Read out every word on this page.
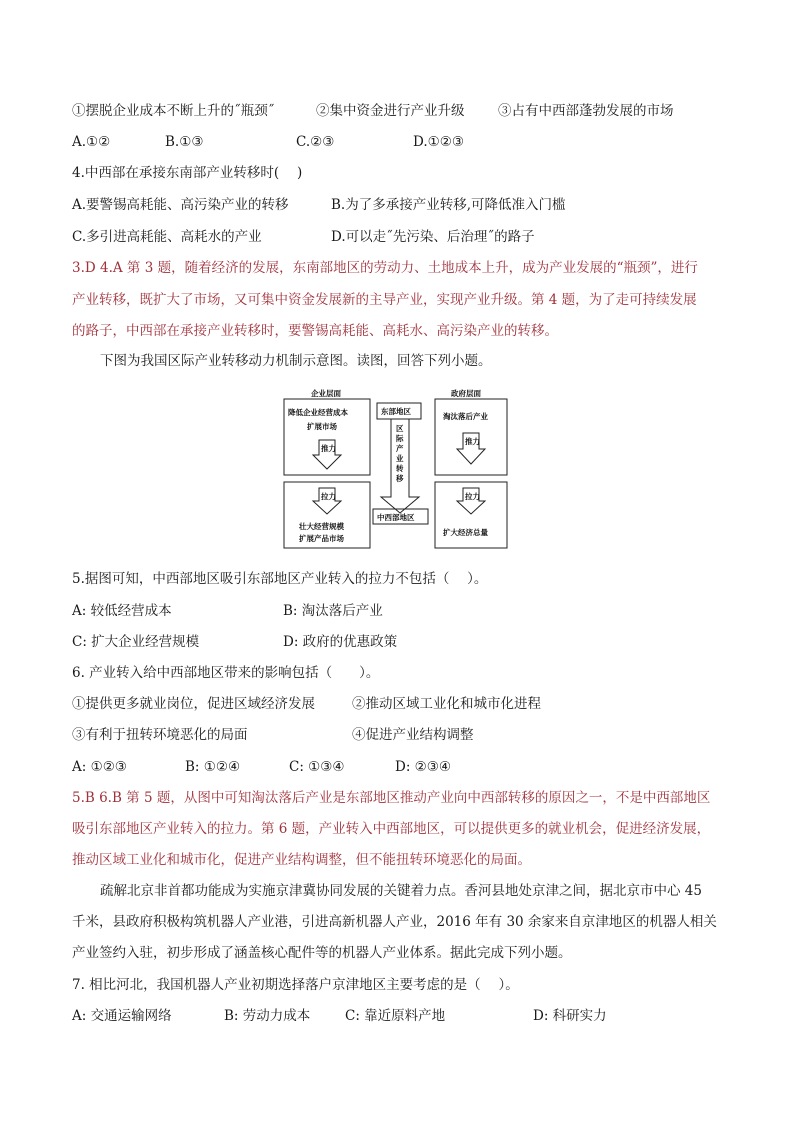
①摆脱企业成本不断上升的˝瓶颈˝	②集中资金进行产业升级 ③占有中西部蓬勃发展的市场
A.①②	B.①③	C.②③	D.①②③
4.中西部在承接东南部产业转移时(　 )
A.要警锡高耗能、高污染产业的转移	B.为了多承接产业转移,可降低准入门槛
C.多引进高耗能、高耗水的产业	D.可以走˝先污染、后治理˝的路子
3.D 4.A 第 3 题，随着经济的发展，东南部地区的劳动力、土地成本上升，成为产业发展的“瓶颈”，进行
产业转移，既扩大了市场，又可集中资金发展新的主导产业，实现产业升级。第 4 题，为了走可持续发展
的路子，中西部在承接产业转移时，要警锡高耗能、高耗水、高污染产业的转移。
下图为我国区际产业转移动力机制示意图。读图，回答下列小题。
企业层面
降低企业经营成本
扩展市场
推力
拉力
壮大经营规模
扩展产品市场
东部地区
区
际
产
业
转
移
中西部地区
政府层面
淘汰落后产业
推力
拉力
扩大经济总量
5.据图可知，中西部地区吸引东部地区产业转入的拉力不包括（　 ）。
A: 较低经营成本	B: 淘汰落后产业
C: 扩大企业经营规模	D: 政府的优惠政策
6. 产业转入给中西部地区带来的影响包括（　　）。
①提供更多就业岗位，促进区域经济发展	②推动区域工业化和城市化进程
③有利于扭转环境恶化的局面	④促进产业结构调整
A: ①②③	B: ①②④	C: ①③④	D: ②③④
5.B 6.B 第 5 题，从图中可知淘汰落后产业是东部地区推动产业向中西部转移的原因之一，不是中西部地区
吸引东部地区产业转入的拉力。第 6 题，产业转入中西部地区，可以提供更多的就业机会，促进经济发展，
推动区域工业化和城市化，促进产业结构调整，但不能扭转环境恶化的局面。
疏解北京非首都功能成为实施京津冀协同发展的关键着力点。香河县地处京津之间，据北京市中心 45
千米，县政府积极构筑机器人产业港，引进高新机器人产业，2016 年有 30 余家来自京津地区的机器人相关
产业签约入驻，初步形成了涵盖核心配件等的机器人产业体系。据此完成下列小题。
7. 相比河北，我国机器人产业初期选择落户京津地区主要考虑的是（　 ）。
A: 交通运输网络	B: 劳动力成本	C: 靠近原料产地	D: 科研实力
